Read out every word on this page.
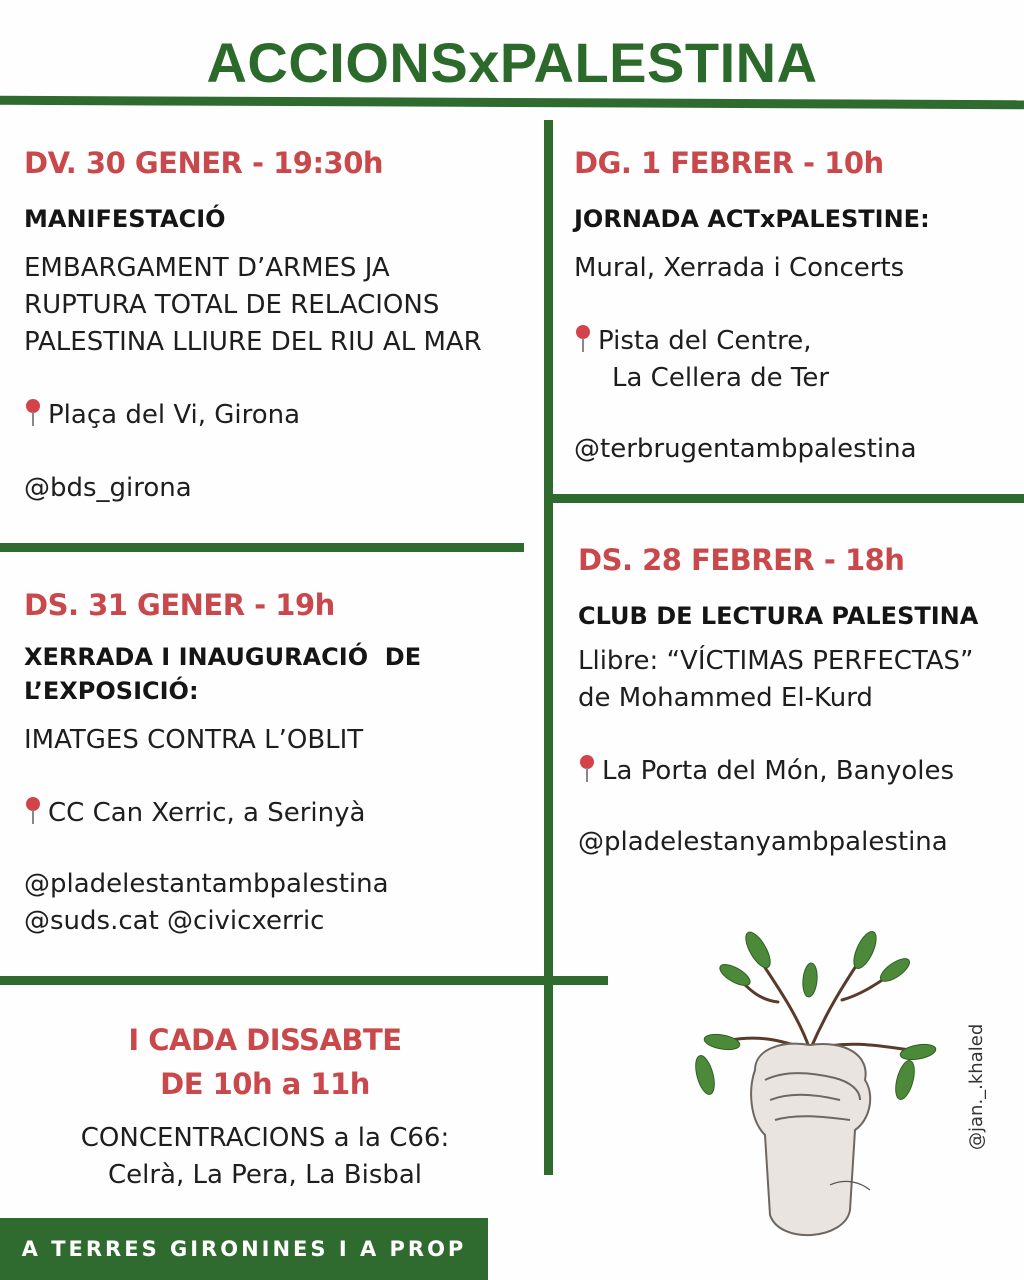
ACCIONSxPALESTINA
DV. 30 GENER - 19:30h
MANIFESTACIÓ
EMBARGAMENT D’ARMES JA
RUPTURA TOTAL DE RELACIONS
PALESTINA LLIURE DEL RIU AL MAR
Plaça del Vi, Girona
@bds_girona
DS. 31 GENER - 19h
XERRADA I INAUGURACIÓ  DE
L’EXPOSICIÓ:
IMATGES CONTRA L’OBLIT
CC Can Xerric, a Serinyà
@pladelestantambpalestina
@suds.cat @civicxerric
DG. 1 FEBRER - 10h
JORNADA ACTxPALESTINE:
Mural, Xerrada i Concerts
Pista del Centre,
La Cellera de Ter
@terbrugentambpalestina
DS. 28 FEBRER - 18h
CLUB DE LECTURA PALESTINA
Llibre: “VÍCTIMAS PERFECTAS”
de Mohammed El-Kurd
La Porta del Món, Banyoles
@pladelestanyambpalestina
I CADA DISSABTE
DE 10h a 11h
CONCENTRACIONS a la C66:
Celrà, La Pera, La Bisbal
A TERRES GIRONINES I A PROP
@jan._.khaled
